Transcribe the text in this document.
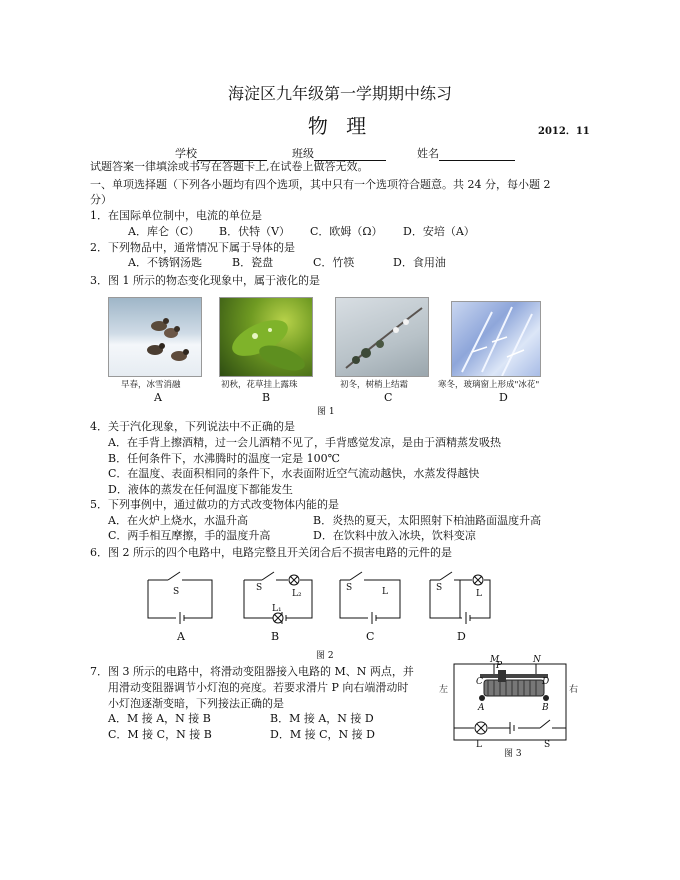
海淀区九年级第一学期期中练习
物 理	2012．11
学校	班级	姓名
试题答案一律填涂或书写在答题卡上,在试卷上做答无效。
一、单项选择题（下列各小题均有四个选项，其中只有一个选项符合题意。共 24 分，每小题 2
分）
1．在国际单位制中，电流的单位是
A．库仑（C） B．伏特（V） C．欧姆（Ω） D．安培（A）
2．下列物品中，通常情况下属于导体的是
A．不锈钢汤匙	B．瓷盘	C．竹筷	D．食用油
3．图 1 所示的物态变化现象中，属于液化的是
早春，冰雪消融	初秋，花草挂上露珠	初冬，树梢上结霜	寒冬，玻璃窗上形成"冰花"
A	B	C	D
图 1
4．关于汽化现象，下列说法中不正确的是
A．在手背上擦酒精，过一会儿酒精不见了，手背感觉发凉，是由于酒精蒸发吸热
B．任何条件下，水沸腾时的温度一定是 100℃
C．在温度、表面积相同的条件下，水表面附近空气流动越快，水蒸发得越快
D．液体的蒸发在任何温度下都能发生
5．下列事例中，通过做功的方式改变物体内能的是
A．在火炉上烧水，水温升高	B．炎热的夏天，太阳照射下柏油路面温度升高
C．两手相互摩擦，手的温度升高	D．在饮料中放入冰块，饮料变凉
6．图 2 所示的四个电路中，电路完整且开关闭合后不损害电路的元件的是
S	S
L₂
L₁
S	L	S
L
A	B	C	D
图 2
7．图 3 所示的电路中，将滑动变阻器接入电路的 M、N 两点，并
用滑动变阻器调节小灯泡的亮度。若要求滑片 P 向右端滑动时
小灯泡逐渐变暗，下列接法正确的是
A．M 接 A，N 接 B	B．M 接 A，N 接 D
C．M 接 C，N 接 B	D．M 接 C，N 接 D
M	N
左	右
C
P
D
A	B
L	S
图 3
